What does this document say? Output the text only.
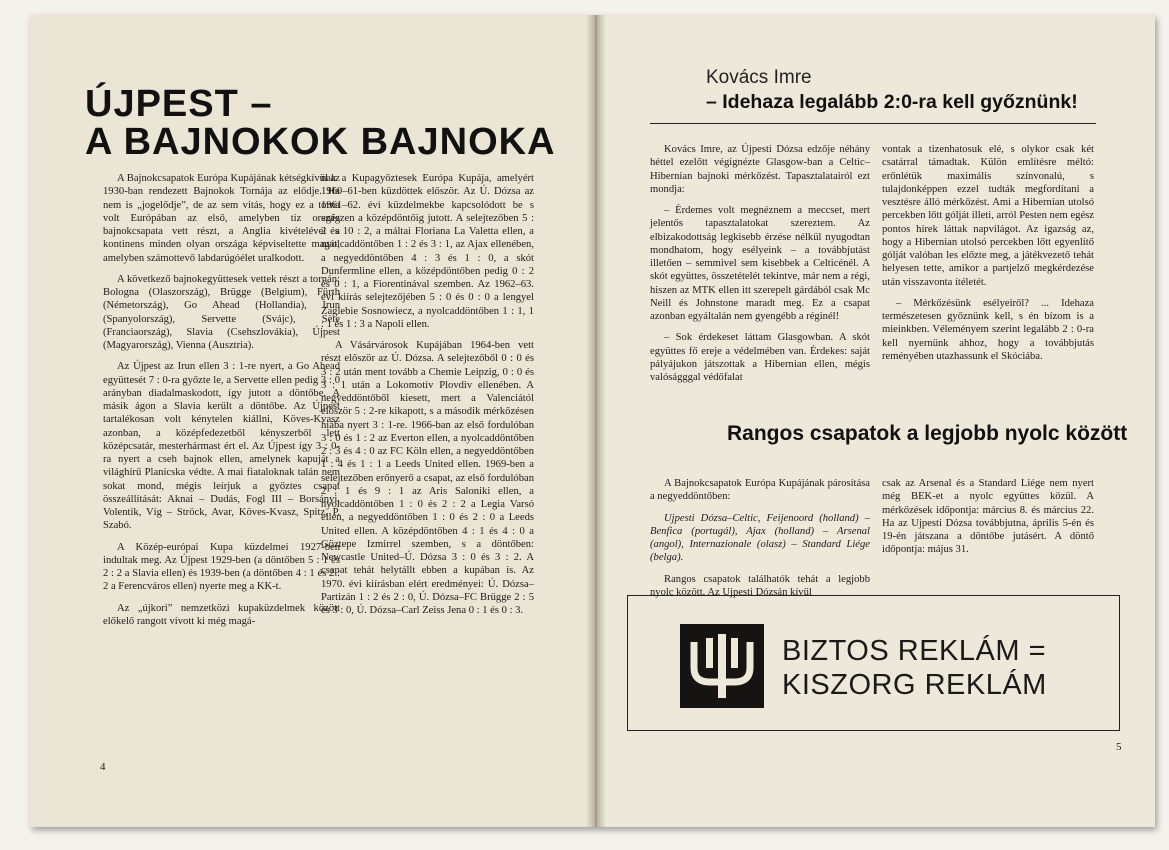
ÚJPEST –
A BAJNOKOK BAJNOKA

A Bajnokcsapatok Európa Kupájának kétségkívül az 1930-ban rendezett Bajnokok Tornája az elődje. Ha nem is „jogelődje”, de az sem vitás, hogy ez a torna volt Európában az első, amelyben tíz ország bajnokcsapata vett részt, a Anglia kivételével a kontinens minden olyan országa képviseltette magát, amelyben számottevő labdarúgóélet uralkodott.

A következő bajnokegyüttesek vettek részt a tornán: Bologna (Olaszország), Brügge (Belgium), Fürth (Németország), Go Ahead (Hollandia), Irun (Spanyolország), Servette (Svájc), Sète (Franciaország), Slavia (Csehszlovákia), Újpest (Magyarország), Vienna (Ausztria).

Az Újpest az Irun ellen 3 : 1-re nyert, a Go Ahead együttesét 7 : 0-ra győzte le, a Servette ellen pedig 3 : 0 arányban diadalmaskodott, így jutott a döntőbe. A másik ágon a Slavia került a döntőbe. Az Újpest tartalékosan volt kénytelen kiállni, Köves-Kvasz azonban, a középfedezetből kényszerből lett középcsatár, mesterhármast ért el. Az Újpest így 3 : 0-ra nyert a cseh bajnok ellen, amelynek kapuját a világhírű Planicska védte. A mai fiataloknak talán nem sokat mond, mégis leírjuk a győztes csapat összeállítását: Aknai – Dudás, Fogl III – Borsányi, Volentik, Víg – Ströck, Avar, Köves-Kvasz, Spitz, P. Szabó.

A Közép-európai Kupa küzdelmei 1927-ben indultak meg. Az Újpest 1929-ben (a döntőben 5 : 1 és 2 : 2 a Slavia ellen) és 1939-ben (a döntőben 4 : 1 és 2 : 2 a Ferencváros ellen) nyerte meg a KK-t.

Az „újkori” nemzetközi kupaküzdelmek között előkelő rangott vívott ki még magá-

nak a Kupagyőztesek Európa Kupája, amelyért 1960–61-ben küzdöttek először. Az Ú. Dózsa az 1961–62. évi küzdelmekbe kapcsolódott be s egészen a középdöntőig jutott. A selejtezőben 5 : 2 és 10 : 2, a máltai Floriana La Valetta ellen, a nyolcaddöntőben 1 : 2 és 3 : 1, az Ajax ellenében, a negyeddöntőben 4 : 3 és 1 : 0, a skót Dunfermline ellen, a középdöntőben pedig 0 : 2 és 0 : 1, a Fiorentinával szemben. Az 1962–63. évi kiírás selejtezőjében 5 : 0 és 0 : 0 a lengyel Zaglebie Sosnowiecz, a nyolcaddöntőben 1 : 1, 1 : 1 és 1 : 3 a Napoli ellen.

A Vásárvárosok Kupájában 1964-ben vett részt először az Ú. Dózsa. A selejtezőből 0 : 0 és 3 : 2 után ment tovább a Chemie Leipzig, 0 : 0 és 3 : 1 után a Lokomotív Plovdiv ellenében. A negyeddöntőből kiesett, mert a Valenciától először 5 : 2-re kikapott, s a második mérkőzésen hiába nyert 3 : 1-re. 1966-ban az első fordulóban 3 : 0 és 1 : 2 az Everton ellen, a nyolcaddöntőben 2 : 3 és 4 : 0 az FC Köln ellen, a negyeddöntőben 1 : 4 és 1 : 1 a Leeds United ellen. 1969-ben a selejtezőben erőnyerő a csapat, az első fordulóban 2 : 1 és 9 : 1 az Aris Saloniki ellen, a nyolcaddöntőben 1 : 0 és 2 : 2 a Legia Varsó ellen, a negyeddöntőben 1 : 0 és 2 : 0 a Leeds United ellen. A középdöntőben 4 : 1 és 4 : 0 a Göztepe Izmirrel szemben, s a döntőben: Newcastle United–Ú. Dózsa 3 : 0 és 3 : 2. A csapat tehát helytállt ebben a kupában is. Az 1970. évi kiírásban elért eredményei: Ú. Dózsa–Partizán 1 : 2 és 2 : 0, Ú. Dózsa–FC Brügge 2 : 5 és 3 : 0, Ú. Dózsa–Carl Zeiss Jena 0 : 1 és 0 : 3.

4
Kovács Imre
– Idehaza legalább 2:0-ra kell győznünk!

Kovács Imre, az Újpesti Dózsa edzője néhány héttel ezelőtt végignézte Glasgow-ban a Celtic–Hibernian bajnoki mérkőzést. Tapasztalatairól ezt mondja:

– Érdemes volt megnéznem a meccset, mert jelentős tapasztalatokat szereztem. Az elbizakodottság legkisebb érzése nélkül nyugodtan mondhatom, hogy esélyeink – a továbbjutást illetően – semmivel sem kisebbek a Celticénél. A skót együttes, összetételét tekintve, már nem a régi, hiszen az MTK ellen itt szerepelt gárdából csak Mc Neill és Johnstone maradt meg. Ez a csapat azonban egyáltalán nem gyengébb a réginél!

– Sok érdekeset láttam Glasgowban. A skót együttes fő ereje a védelmében van. Érdekes: saját pályájukon játszottak a Hibernian ellen, mégis valóságggal védőfalat

vontak a tizenhatosuk elé, s olykor csak két csatárral támadtak. Külön említésre méltó: erőnlétük maximális színvonalú, s tulajdonképpen ezzel tudták megfordítani a vesztésre álló mérkőzést. Ami a Hibernian utolsó percekben lőtt gólját illeti, arról Pesten nem egész pontos hírek láttak napvilágot. Az igazság az, hogy a Hibernian utolsó percekben lőtt egyenlítő gólját valóban les előzte meg, a játékvezető tehát helyesen tette, amikor a partjelző megkérdezése után visszavonta ítéletét.

– Mérkőzésünk esélyeiről? ... Idehaza természetesen győznünk kell, s én bízom is a mieinkben. Véleményem szerint legalább 2 : 0-ra kell nyernünk ahhoz, hogy a továbbjutás reményében utazhassunk el Skóciába.

Rangos csapatok a legjobb nyolc között

A Bajnokcsapatok Európa Kupájának párosítása a negyeddöntőben:

Ujpesti Dózsa–Celtic, Feijenoord (holland) – Benfica (portugál), Ajax (holland) – Arsenal (angol), Internazionale (olasz) – Standard Liége (belga).

Rangos csapatok találhatók tehát a legjobb nyolc között. Az Ujpesti Dózsán kívül

csak az Arsenal és a Standard Liége nem nyert még BEK-et a nyolc együttes közül. A mérkőzések időpontja: március 8. és március 22. Ha az Ujpesti Dózsa továbbjutna, április 5-én és 19-én játszana a döntőbe jutásért. A döntő időpontja: május 31.

BIZTOS REKLÁM =
KISZORG REKLÁM
5
